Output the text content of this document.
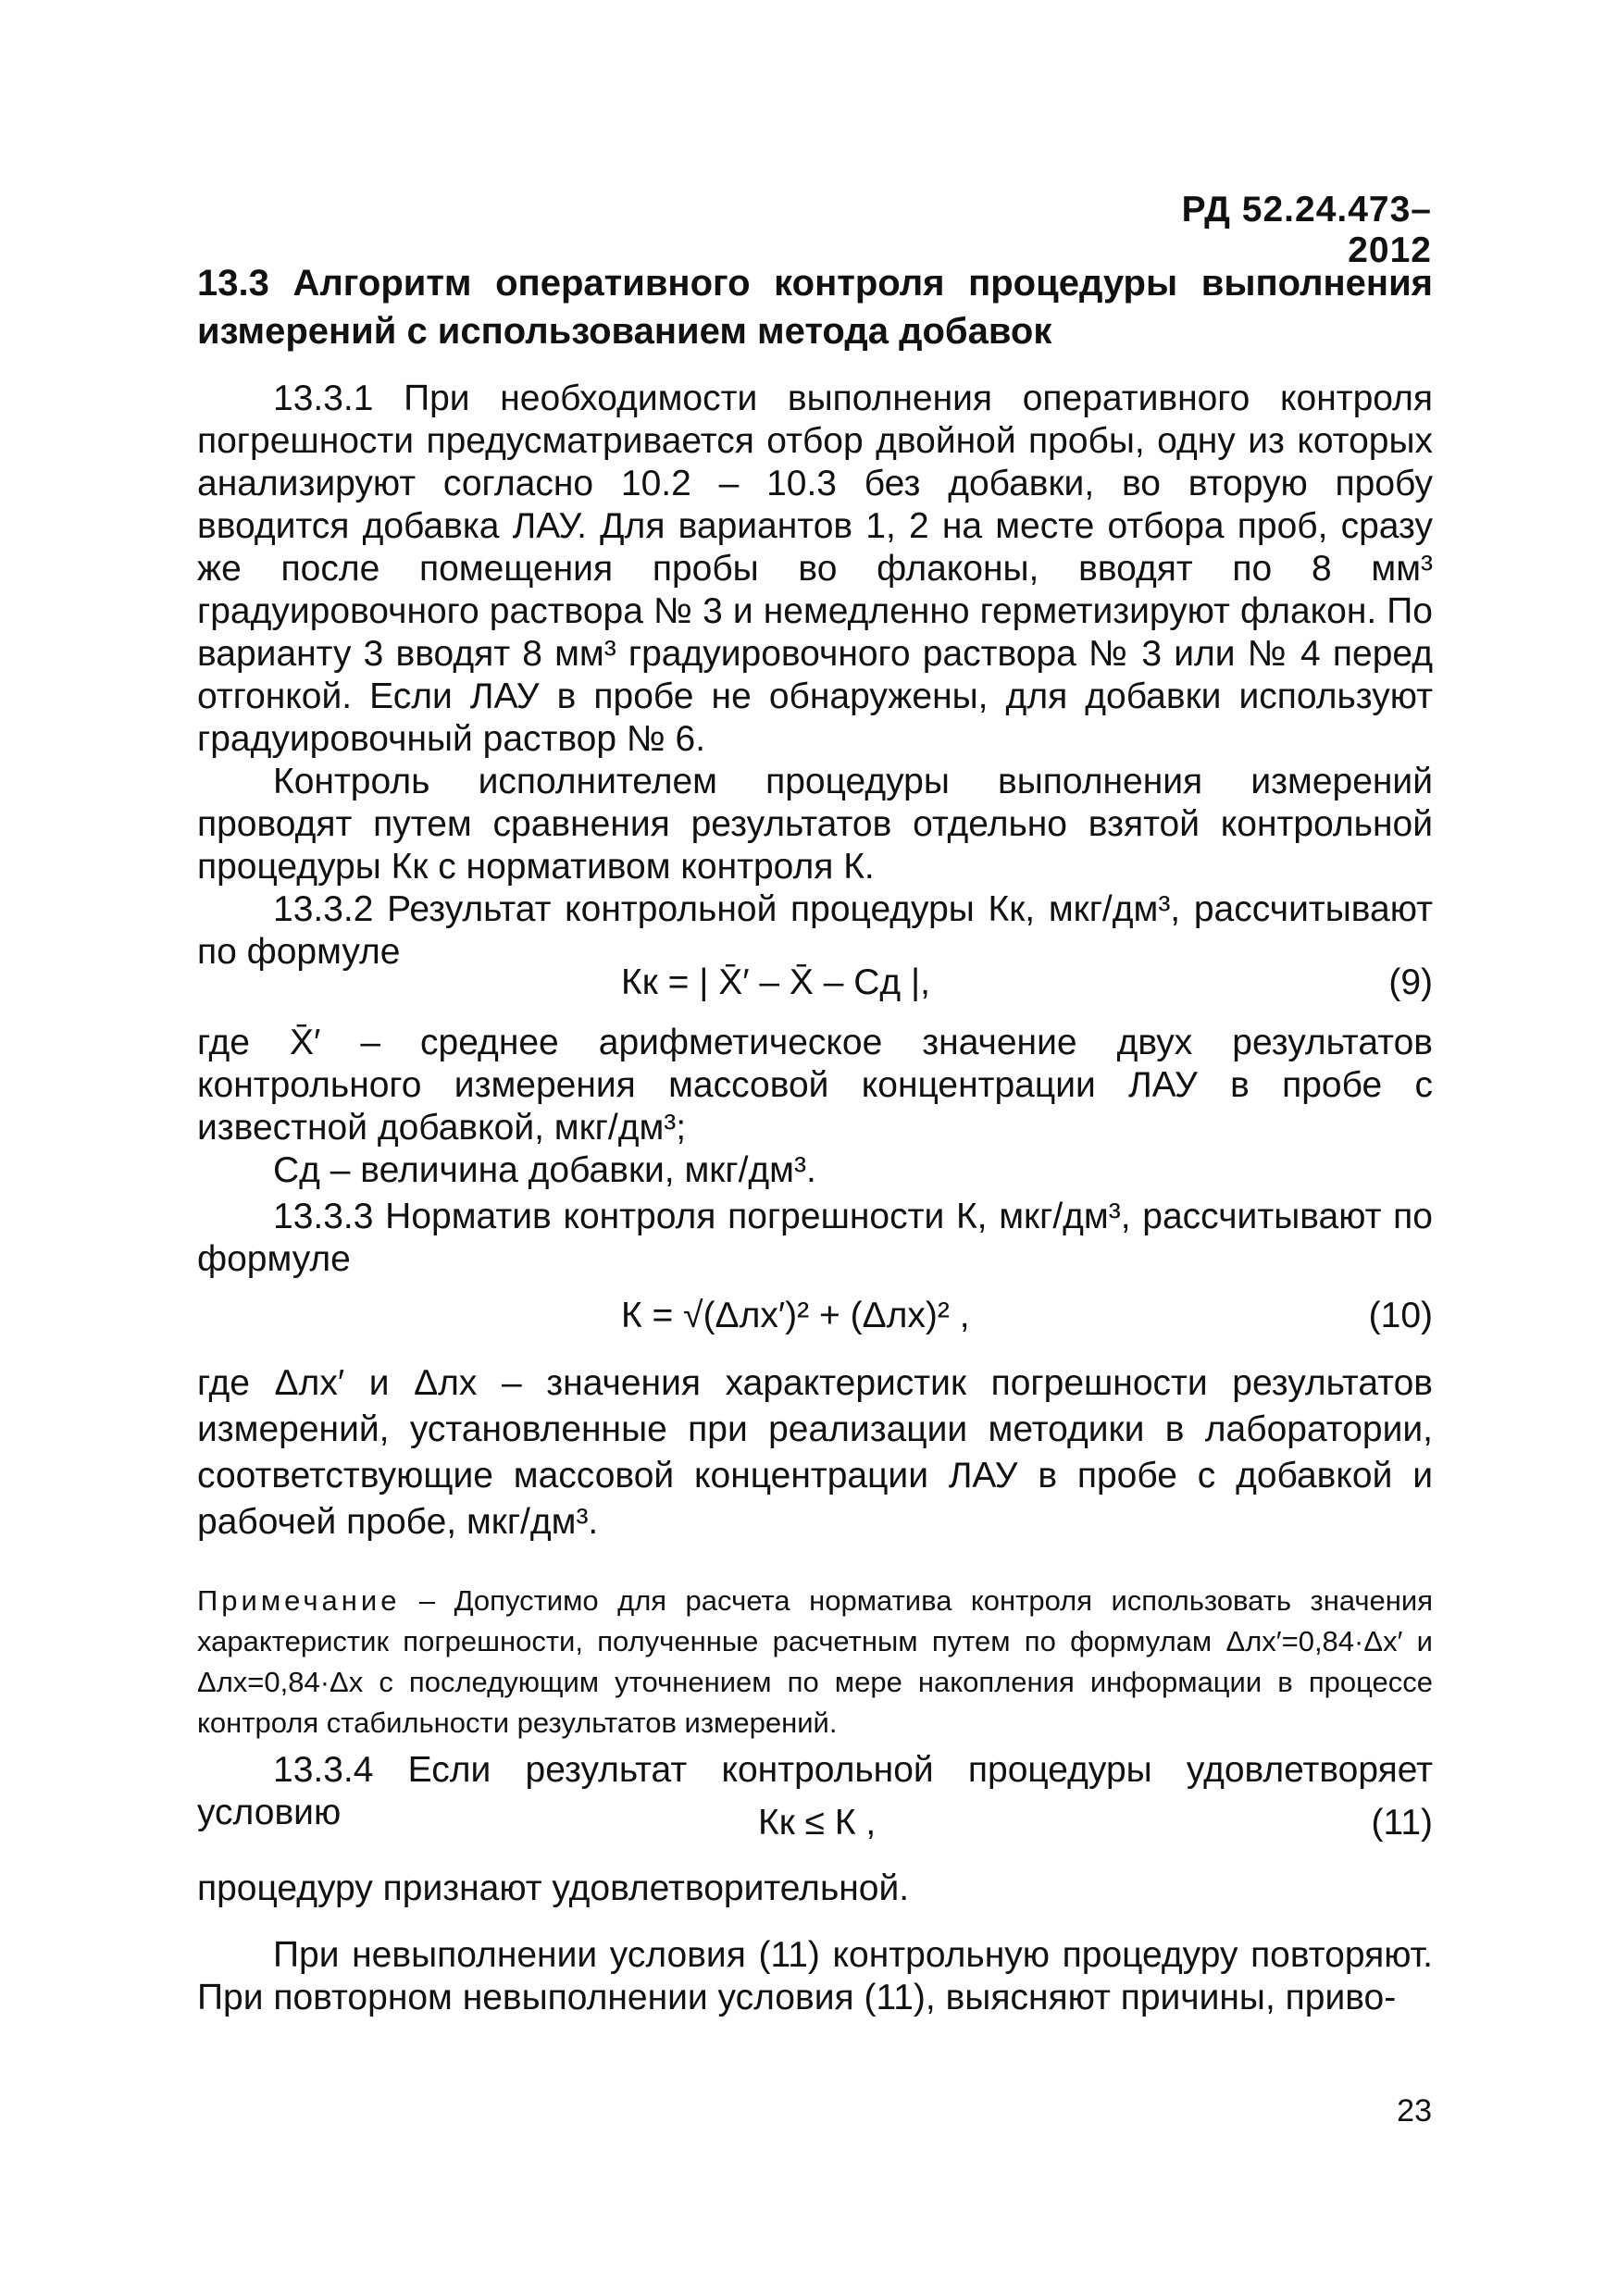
РД 52.24.473–2012
13.3 Алгоритм оперативного контроля процедуры выполнения измерений с использованием метода добавок

13.3.1 При необходимости выполнения оперативного контроля погрешности предусматривается отбор двойной пробы, одну из которых анализируют согласно 10.2 – 10.3 без добавки, во вторую пробу вводится добавка ЛАУ. Для вариантов 1, 2 на месте отбора проб, сразу же после помещения пробы во флаконы, вводят по 8 мм³ градуировочного раствора № 3 и немедленно герметизируют флакон. По варианту 3 вводят 8 мм³ градуировочного раствора № 3 или № 4 перед отгонкой. Если ЛАУ в пробе не обнаружены, для добавки используют градуировочный раствор № 6.

Контроль исполнителем процедуры выполнения измерений проводят путем сравнения результатов отдельно взятой контрольной процедуры Кк с нормативом контроля К.

13.3.2 Результат контрольной процедуры Кк, мкг/дм³, рассчитывают по формуле

Кк = | X̄′ – X̄ – Сд |,	(9)

где X̄′ – среднее арифметическое значение двух результатов контрольного измерения массовой концентрации ЛАУ в пробе с известной добавкой, мкг/дм³;

Сд – величина добавки, мкг/дм³.

13.3.3 Норматив контроля погрешности К, мкг/дм³, рассчитывают по формуле

К = √(Δлх′)² + (Δлх)² ,	(10)

где Δлх′ и Δлх – значения характеристик погрешности результатов измерений, установленные при реализации методики в лаборатории, соответствующие массовой концентрации ЛАУ в пробе с добавкой и рабочей пробе, мкг/дм³.

Примечание – Допустимо для расчета норматива контроля использовать значения характеристик погрешности, полученные расчетным путем по формулам Δлх′=0,84·Δх′ и Δлх=0,84·Δх с последующим уточнением по мере накопления информации в процессе контроля стабильности результатов измерений.

13.3.4 Если результат контрольной процедуры удовлетворяет условию	Кк ≤ К ,	(11)

процедуру признают удовлетворительной.

При невыполнении условия (11) контрольную процедуру повторяют. При повторном невыполнении условия (11), выясняют причины, приво-

23
